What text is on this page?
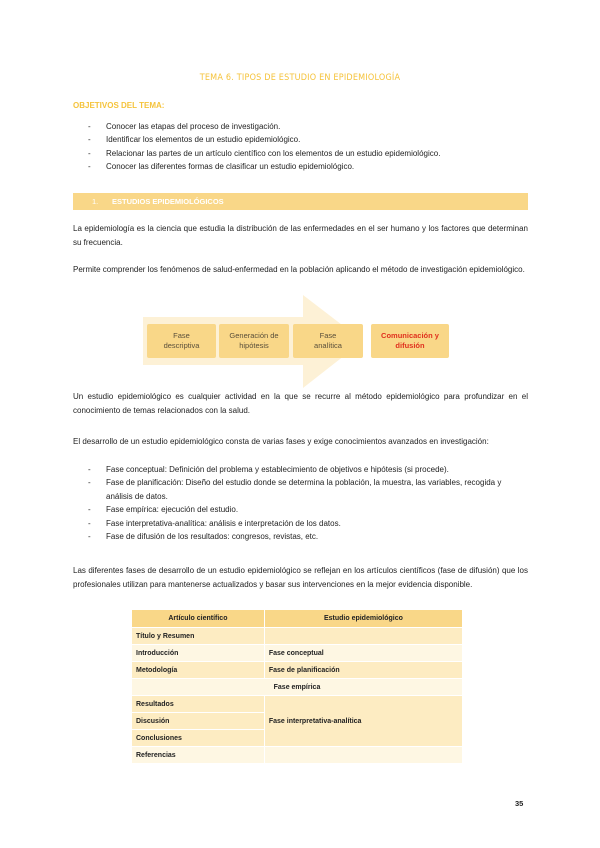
TEMA 6. TIPOS DE ESTUDIO EN EPIDEMIOLOGÍA
OBJETIVOS DEL TEMA:
- Conocer las etapas del proceso de investigación.
- Identificar los elementos de un estudio epidemiológico.
- Relacionar las partes de un artículo científico con los elementos de un estudio epidemiológico.
- Conocer las diferentes formas de clasificar un estudio epidemiológico.
1.	ESTUDIOS EPIDEMIOLÓGICOS

La epidemiología es la ciencia que estudia la distribución de las enfermedades en el ser humano y los factores que determinan su frecuencia.

Permite comprender los fenómenos de salud-enfermedad en la población aplicando el método de investigación epidemiológico.

Fase
descriptiva
Generación de
hipótesis
Fase
analítica
Comunicación y
difusión

Un estudio epidemiológico es cualquier actividad en la que se recurre al método epidemiológico para profundizar en el conocimiento de temas relacionados con la salud.

El desarrollo de un estudio epidemiológico consta de varias fases y exige conocimientos avanzados en investigación:

- Fase conceptual: Definición del problema y establecimiento de objetivos e hipótesis (si procede).
- Fase de planificación: Diseño del estudio donde se determina la población, la muestra, las variables, recogida y análisis de datos.
- Fase empírica: ejecución del estudio.
- Fase interpretativa-analítica: análisis e interpretación de los datos.
- Fase de difusión de los resultados: congresos, revistas, etc.

Las diferentes fases de desarrollo de un estudio epidemiológico se reflejan en los artículos científicos (fase de difusión) que los profesionales utilizan para mantenerse actualizados y basar sus intervenciones en la mejor evidencia disponible.

Artículo científico	Estudio epidemiológico
Título y Resumen	
Introducción	Fase conceptual
Metodología	Fase de planificación
Fase empírica	
Resultados	Fase interpretativa-analítica
Discusión	
Conclusiones	
Referencias	
35
